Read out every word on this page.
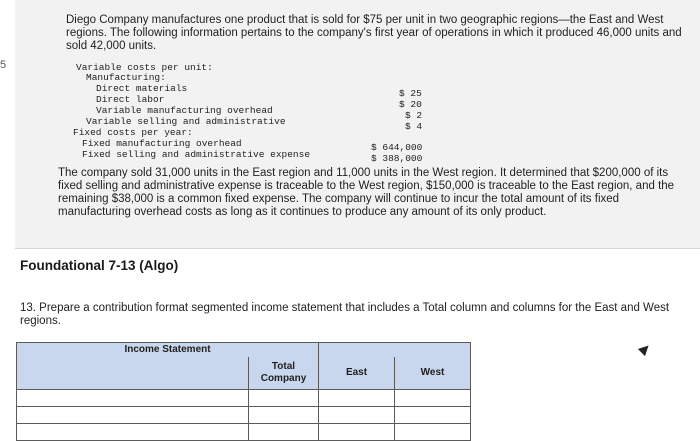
5
Diego Company manufactures one product that is sold for $75 per unit in two geographic regions—the East and West regions. The following information pertains to the company's first year of operations in which it produced 46,000 units and sold 42,000 units.
Variable costs per unit:
Manufacturing:
Direct materials	$ 25
Direct labor	$ 20
Variable manufacturing overhead	$ 2
Variable selling and administrative	$ 4
Fixed costs per year:
Fixed manufacturing overhead	$ 644,000
Fixed selling and administrative expense	$ 388,000
The company sold 31,000 units in the East region and 11,000 units in the West region. It determined that $200,000 of its fixed selling and administrative expense is traceable to the West region, $150,000 is traceable to the East region, and the remaining $38,000 is a common fixed expense. The company will continue to incur the total amount of its fixed manufacturing overhead costs as long as it continues to produce any amount of its only product.
Foundational 7-13 (Algo)
13. Prepare a contribution format segmented income statement that includes a Total column and columns for the East and West regions.
Income Statement			
	Total Company	East	West
